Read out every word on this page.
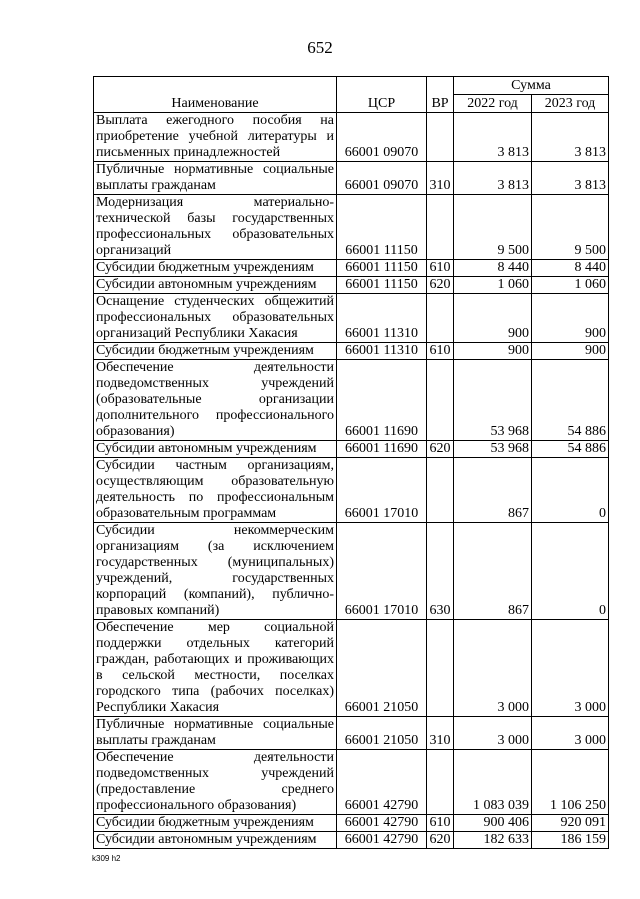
652
Наименование	ЦСР	ВР	Сумма	
			2022 год	2023 год
Выплата ежегодного пособия на приобретение учебной литературы и письменных принадлежностей	66001 09070		3 813	3 813
Публичные нормативные социальные выплаты гражданам	66001 09070	310	3 813	3 813
Модернизация материально-технической базы государственных профессиональных образовательных организаций	66001 11150		9 500	9 500
Субсидии бюджетным учреждениям	66001 11150	610	8 440	8 440
Субсидии автономным учреждениям	66001 11150	620	1 060	1 060
Оснащение студенческих общежитий профессиональных образовательных организаций Республики Хакасия	66001 11310		900	900
Субсидии бюджетным учреждениям	66001 11310	610	900	900
Обеспечение деятельности подведомственных учреждений (образовательные организации дополнительного профессионального образования)	66001 11690		53 968	54 886
Субсидии автономным учреждениям	66001 11690	620	53 968	54 886
Субсидии частным организациям, осуществляющим образовательную деятельность по профессиональным образовательным программам	66001 17010		867	0
Субсидии некоммерческим организациям (за исключением государственных (муниципальных) учреждений, государственных корпораций (компаний), публично-правовых компаний)	66001 17010	630	867	0
Обеспечение мер социальной поддержки отдельных категорий граждан, работающих и проживающих в сельской местности, поселках городского типа (рабочих поселках) Республики Хакасия	66001 21050		3 000	3 000
Публичные нормативные социальные выплаты гражданам	66001 21050	310	3 000	3 000
Обеспечение деятельности подведомственных учреждений (предоставление среднего профессионального образования)	66001 42790		1 083 039	1 106 250
Субсидии бюджетным учреждениям	66001 42790	610	900 406	920 091
Субсидии автономным учреждениям	66001 42790	620	182 633	186 159
k309 h2
